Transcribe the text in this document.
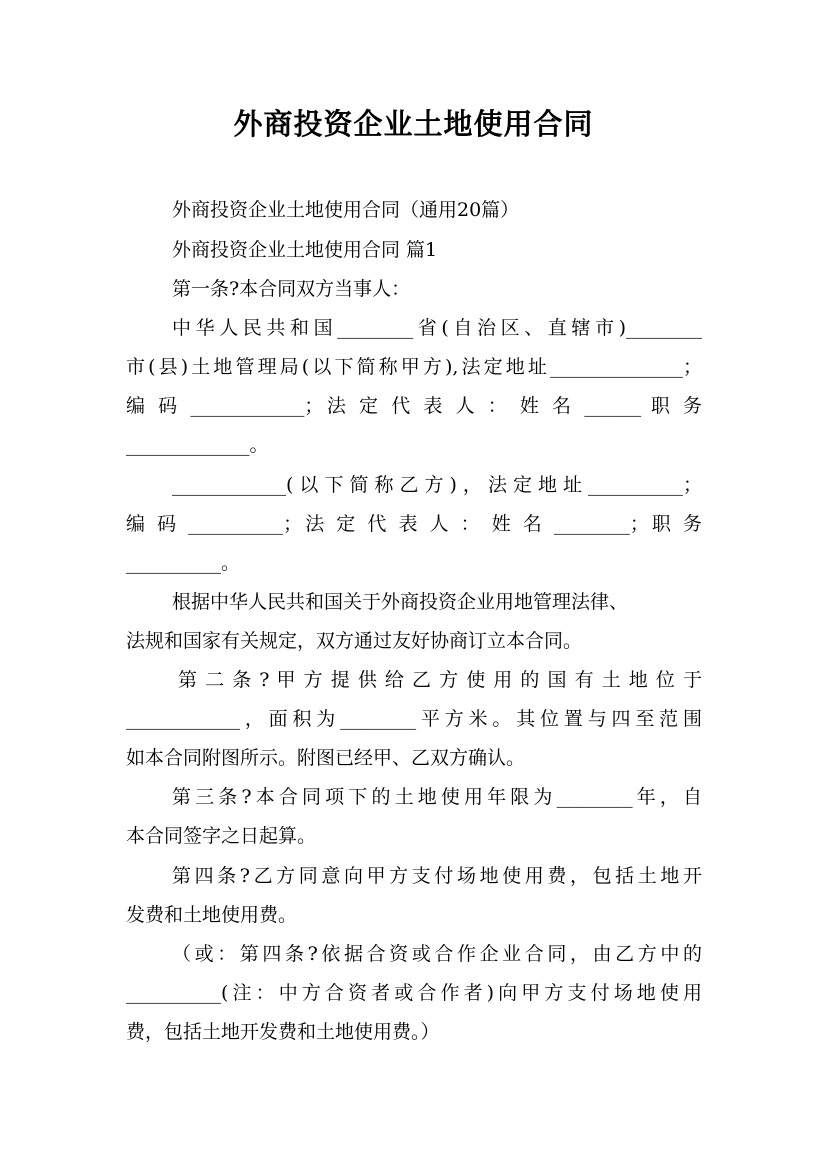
外商投资企业土地使用合同
外商投资企业土地使用合同（通用20篇）
外商投资企业土地使用合同 篇1
第一条?本合同双方当事人：
中华人民共和国________省(自治区、直辖市)________
市(县)土地管理局(以下简称甲方),法定地址______________；
编 码 ____________；法 定 代 表 人 ： 姓 名 ______ 职 务
_____________。
____________(以下简称乙方)，法定地址__________；
编 码 __________；法 定 代 表 人 ： 姓 名 ________；职 务
__________。
根据中华人民共和国关于外商投资企业用地管理法律、
法规和国家有关规定，双方通过友好协商订立本合同。
第 二 条 ? 甲 方 提 供 给 乙 方 使 用 的 国 有 土 地 位 于
____________，面积为________平方米。其位置与四至范围
如本合同附图所示。附图已经甲、乙双方确认。
第三条?本合同项下的土地使用年限为________年，自
本合同签字之日起算。
第四条?乙方同意向甲方支付场地使用费，包括土地开
发费和土地使用费。
（或：第四条?依据合资或合作企业合同，由乙方中的
__________(注：中方合资者或合作者)向甲方支付场地使用
费，包括土地开发费和土地使用费。）
